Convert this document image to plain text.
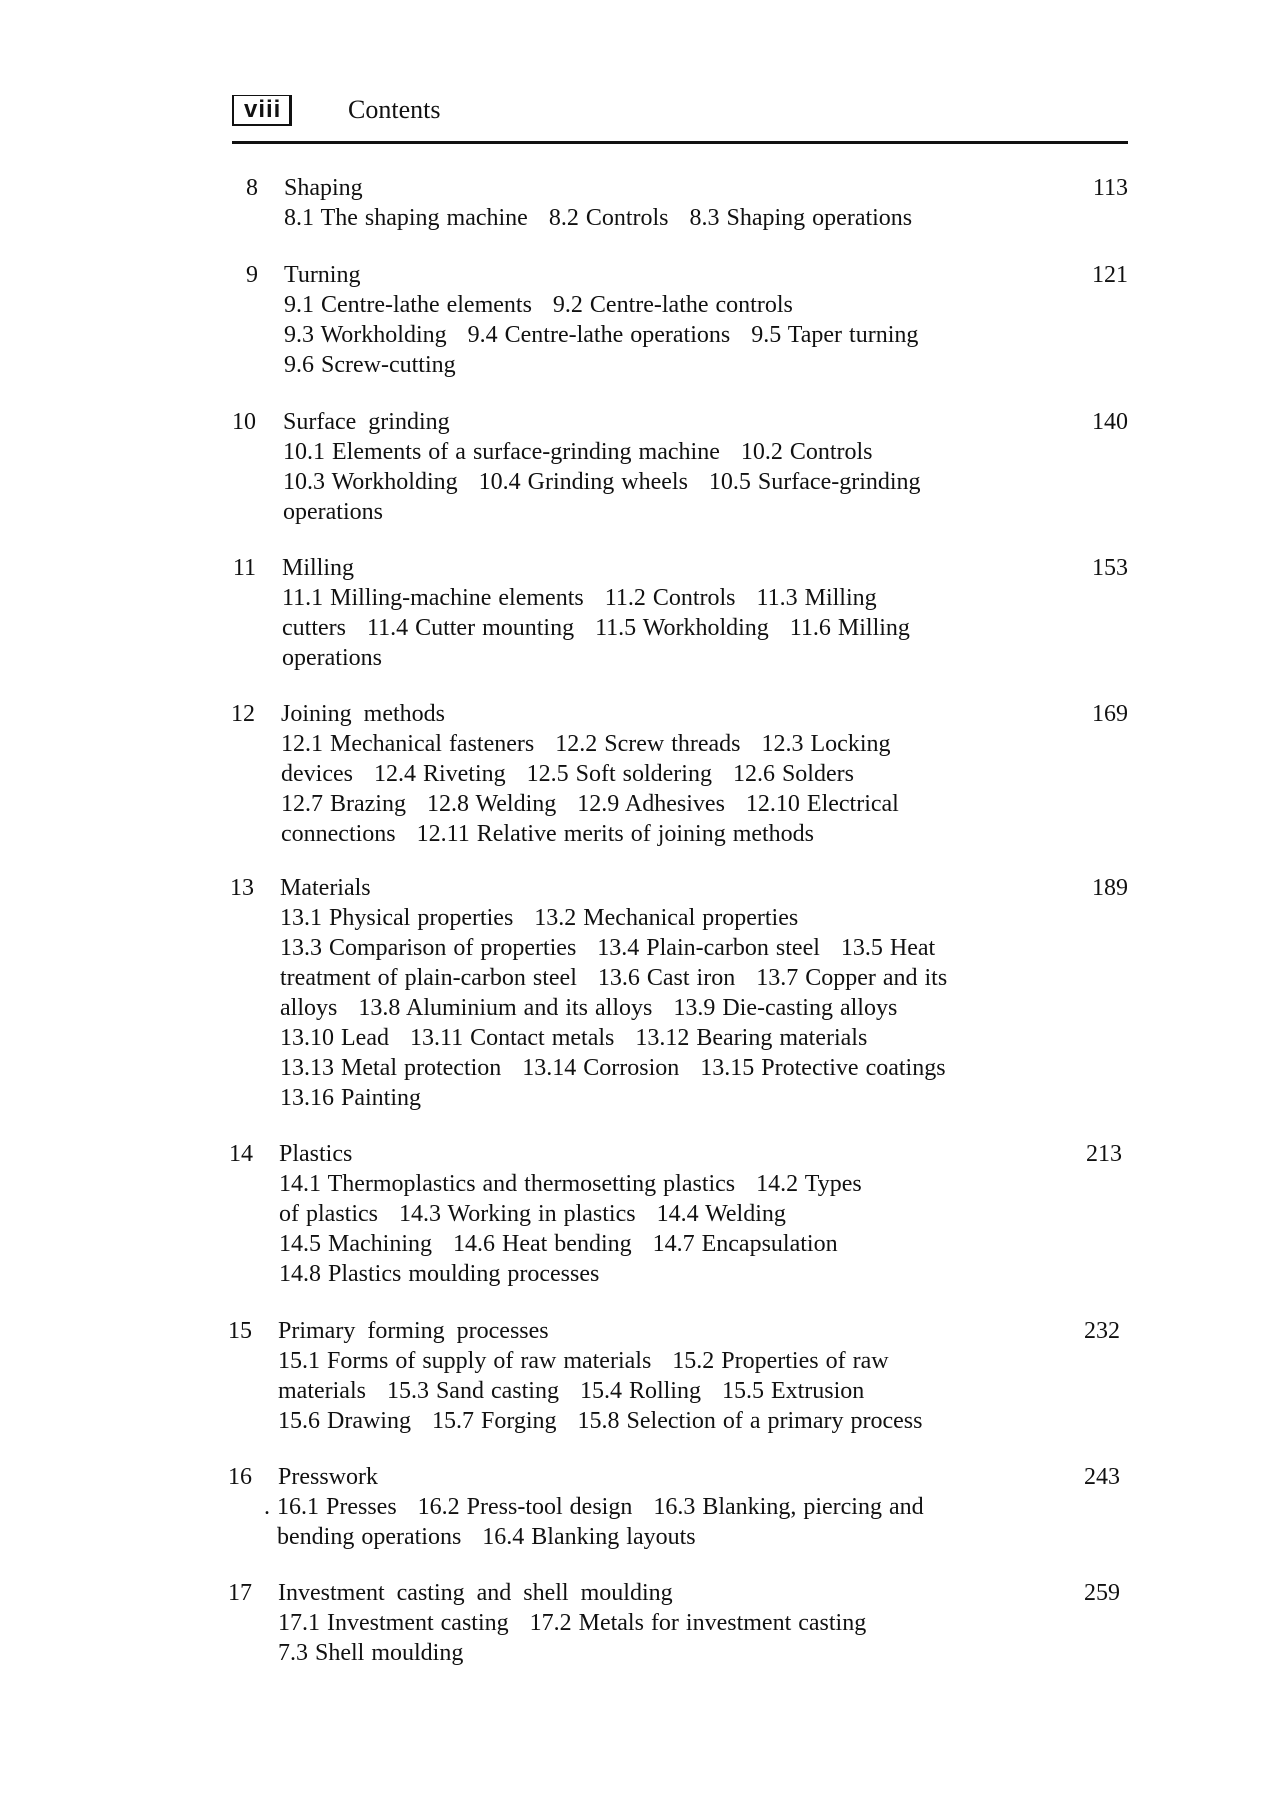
viii	Contents
8 Shaping	113
8.1 The shaping machine   8.2 Controls   8.3 Shaping operations
9 Turning	121
9.1 Centre-lathe elements   9.2 Centre-lathe controls
9.3 Workholding   9.4 Centre-lathe operations   9.5 Taper turning
9.6 Screw-cutting
10 Surface  grinding	140
10.1 Elements of a surface-grinding machine   10.2 Controls
10.3 Workholding   10.4 Grinding wheels   10.5 Surface-grinding
operations
11 Milling	153
11.1 Milling-machine elements   11.2 Controls   11.3 Milling
cutters   11.4 Cutter mounting   11.5 Workholding   11.6 Milling
operations
12 Joining  methods	169
12.1 Mechanical fasteners   12.2 Screw threads   12.3 Locking
devices   12.4 Riveting   12.5 Soft soldering   12.6 Solders
12.7 Brazing   12.8 Welding   12.9 Adhesives   12.10 Electrical
connections   12.11 Relative merits of joining methods
13 Materials	189
13.1 Physical properties   13.2 Mechanical properties
13.3 Comparison of properties   13.4 Plain-carbon steel   13.5 Heat
treatment of plain-carbon steel   13.6 Cast iron   13.7 Copper and its
alloys   13.8 Aluminium and its alloys   13.9 Die-casting alloys
13.10 Lead   13.11 Contact metals   13.12 Bearing materials
13.13 Metal protection   13.14 Corrosion   13.15 Protective coatings
13.16 Painting
14 Plastics	213
14.1 Thermoplastics and thermosetting plastics   14.2 Types
of plastics   14.3 Working in plastics   14.4 Welding
14.5 Machining   14.6 Heat bending   14.7 Encapsulation
14.8 Plastics moulding processes
15 Primary  forming  processes	232
15.1 Forms of supply of raw materials   15.2 Properties of raw
materials   15.3 Sand casting   15.4 Rolling   15.5 Extrusion
15.6 Drawing   15.7 Forging   15.8 Selection of a primary process
16 Presswork	243
. 16.1 Presses   16.2 Press-tool design   16.3 Blanking, piercing and
bending operations   16.4 Blanking layouts
17 Investment  casting  and  shell  moulding	259
17.1 Investment casting   17.2 Metals for investment casting
7.3 Shell moulding
